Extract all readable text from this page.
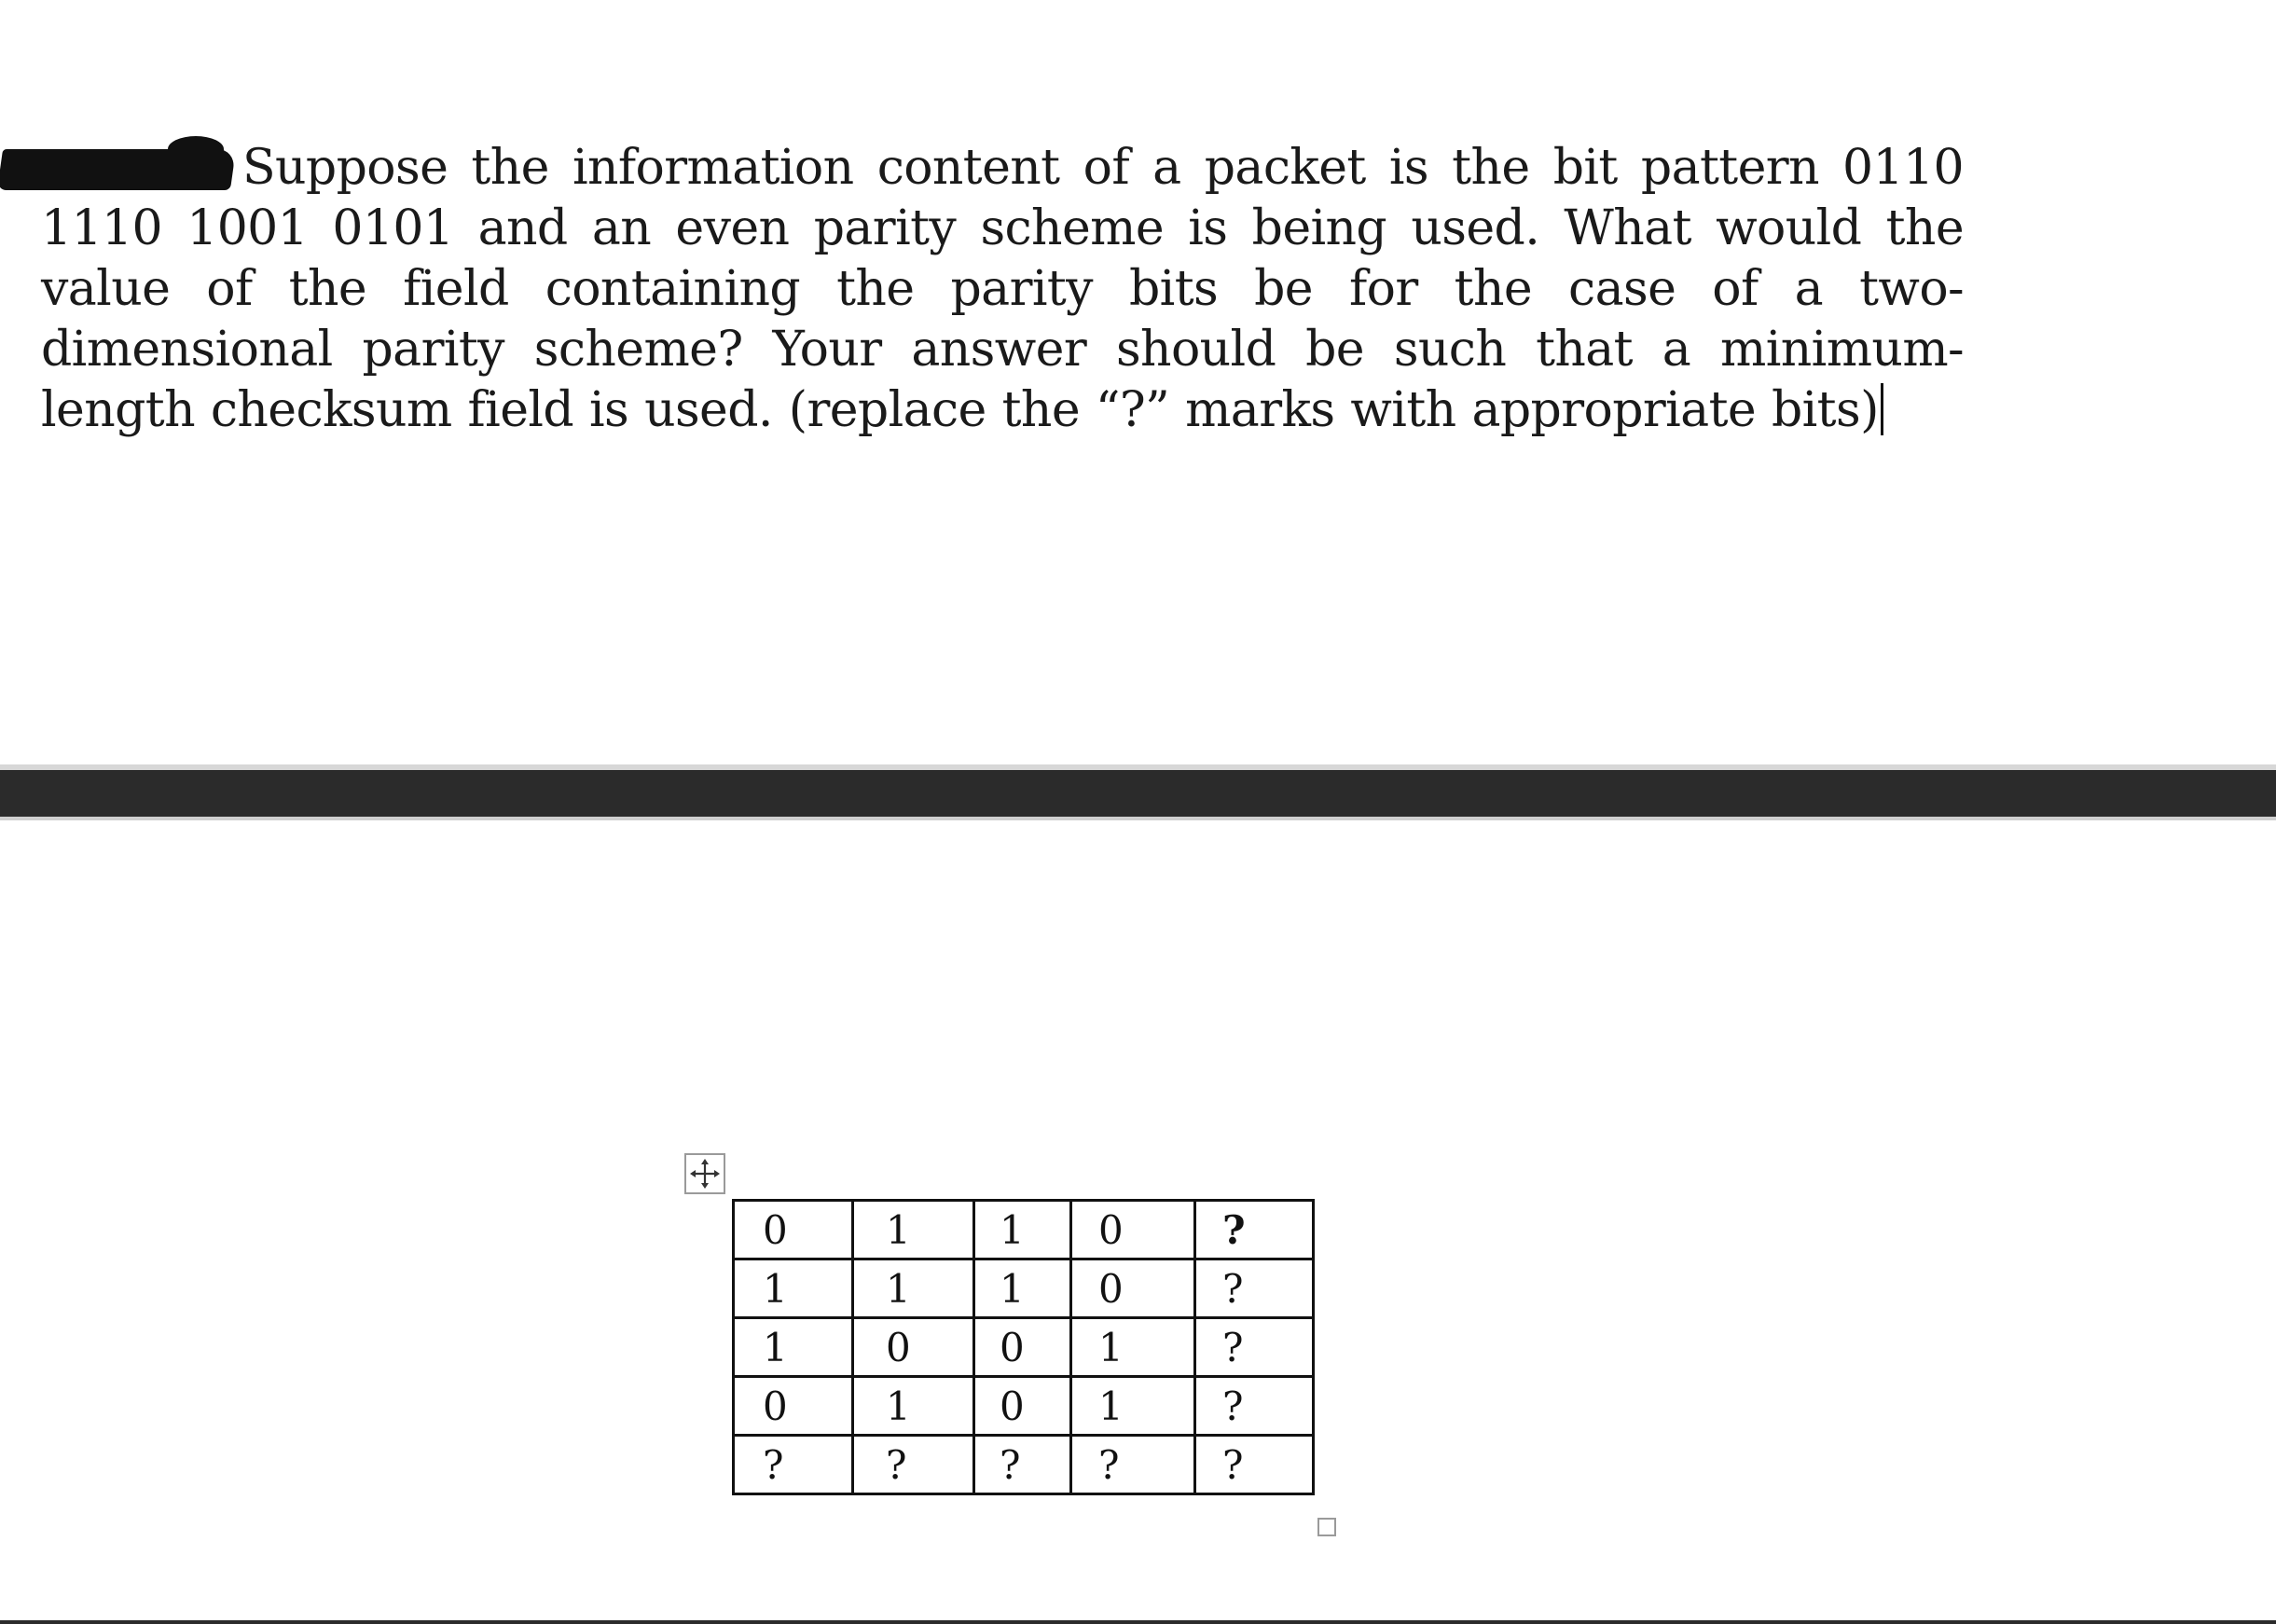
Suppose the information content of a packet is the bit pattern 0110 1110 1001 0101 and an even parity scheme is being used. What would the value of the field containing the parity bits be for the case of a two-dimensional parity scheme? Your answer should be such that a minimum-length checksum field is used. (replace the “?” marks with appropriate bits)

0	1	1	0	?
1	1	1	0	?
1	0	0	1	?
0	1	0	1	?
?	?	?	?	?
